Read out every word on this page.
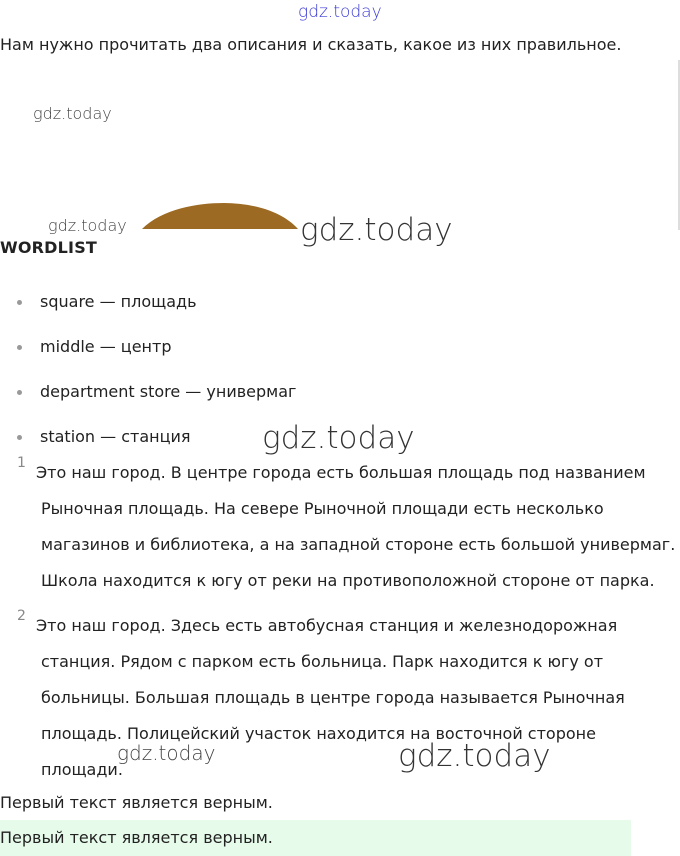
gdz.today
Нам нужно прочитать два описания и сказать, какое из них правильное.
gdz.today
gdz.today	gdz.today
WORDLIST
square — площадь
middle — центр
department store — универмаг
station — станция	gdz.today
1 Это наш город. В центре города есть большая площадь под названием
Рыночная площадь. На севере Рыночной площади есть несколько
магазинов и библиотека, а на западной стороне есть большой универмаг.
Школа находится к югу от реки на противоположной стороне от парка.
2 Это наш город. Здесь есть автобусная станция и железнодорожная
станция. Рядом с парком есть больница. Парк находится к югу от
больницы. Большая площадь в центре города называется Рыночная
площадь. Полицейский участок находится на восточной стороне
площади.
gdz.today	gdz.today
Первый текст является верным.
Первый текст является верным.
